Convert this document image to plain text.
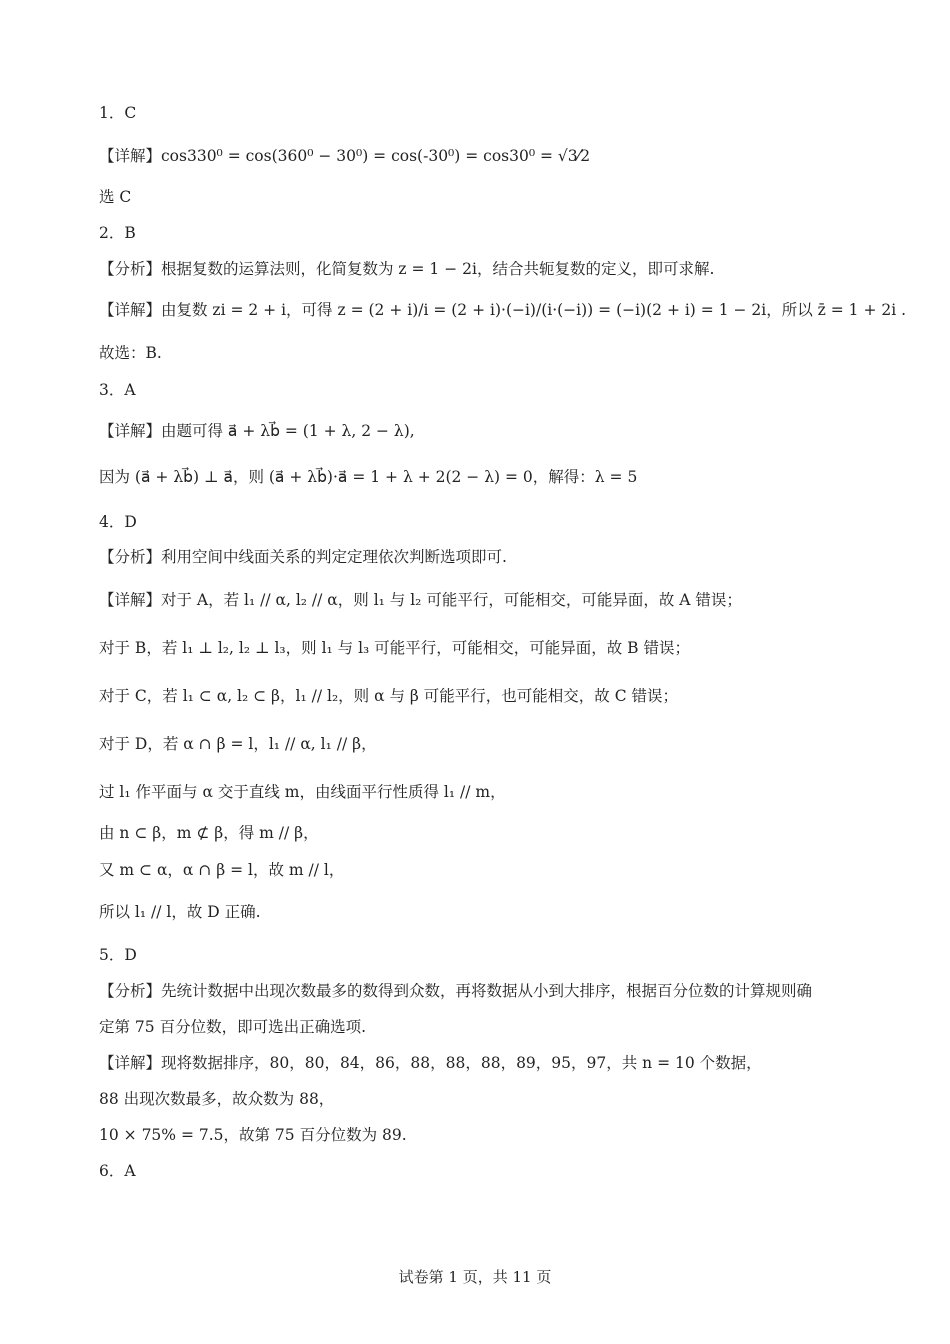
1．C
【详解】cos330⁰ = cos(360⁰ − 30⁰) = cos(-30⁰) = cos30⁰ = √3⁄2
选 C
2．B
【分析】根据复数的运算法则，化简复数为 z = 1 − 2i，结合共轭复数的定义，即可求解.
【详解】由复数 zi = 2 + i，可得 z = (2 + i)/i = (2 + i)·(−i)/(i·(−i)) = (−i)(2 + i) = 1 − 2i，所以 z̄ = 1 + 2i .
故选：B.
3．A
【详解】由题可得 a⃗ + λb⃗ = (1 + λ, 2 − λ),
因为 (a⃗ + λb⃗) ⊥ a⃗，则 (a⃗ + λb⃗)·a⃗ = 1 + λ + 2(2 − λ) = 0，解得：λ = 5
4．D
【分析】利用空间中线面关系的判定定理依次判断选项即可.
【详解】对于 A，若 l₁ // α, l₂ // α，则 l₁ 与 l₂ 可能平行，可能相交，可能异面，故 A 错误；
对于 B，若 l₁ ⊥ l₂, l₂ ⊥ l₃，则 l₁ 与 l₃ 可能平行，可能相交，可能异面，故 B 错误；
对于 C，若 l₁ ⊂ α, l₂ ⊂ β，l₁ // l₂，则 α 与 β 可能平行，也可能相交，故 C 错误；
对于 D，若 α ∩ β = l，l₁ // α, l₁ // β，
过 l₁ 作平面与 α 交于直线 m，由线面平行性质得 l₁ // m，
由 n ⊂ β，m ⊄ β，得 m // β，
又 m ⊂ α，α ∩ β = l，故 m // l，
所以 l₁ // l，故 D 正确.
5．D
【分析】先统计数据中出现次数最多的数得到众数，再将数据从小到大排序，根据百分位数的计算规则确
定第 75 百分位数，即可选出正确选项.
【详解】现将数据排序，80，80，84，86，88，88，88，89，95，97，共 n = 10 个数据，
88 出现次数最多，故众数为 88，
10 × 75% = 7.5，故第 75 百分位数为 89.
6．A
试卷第 1 页，共 11 页
